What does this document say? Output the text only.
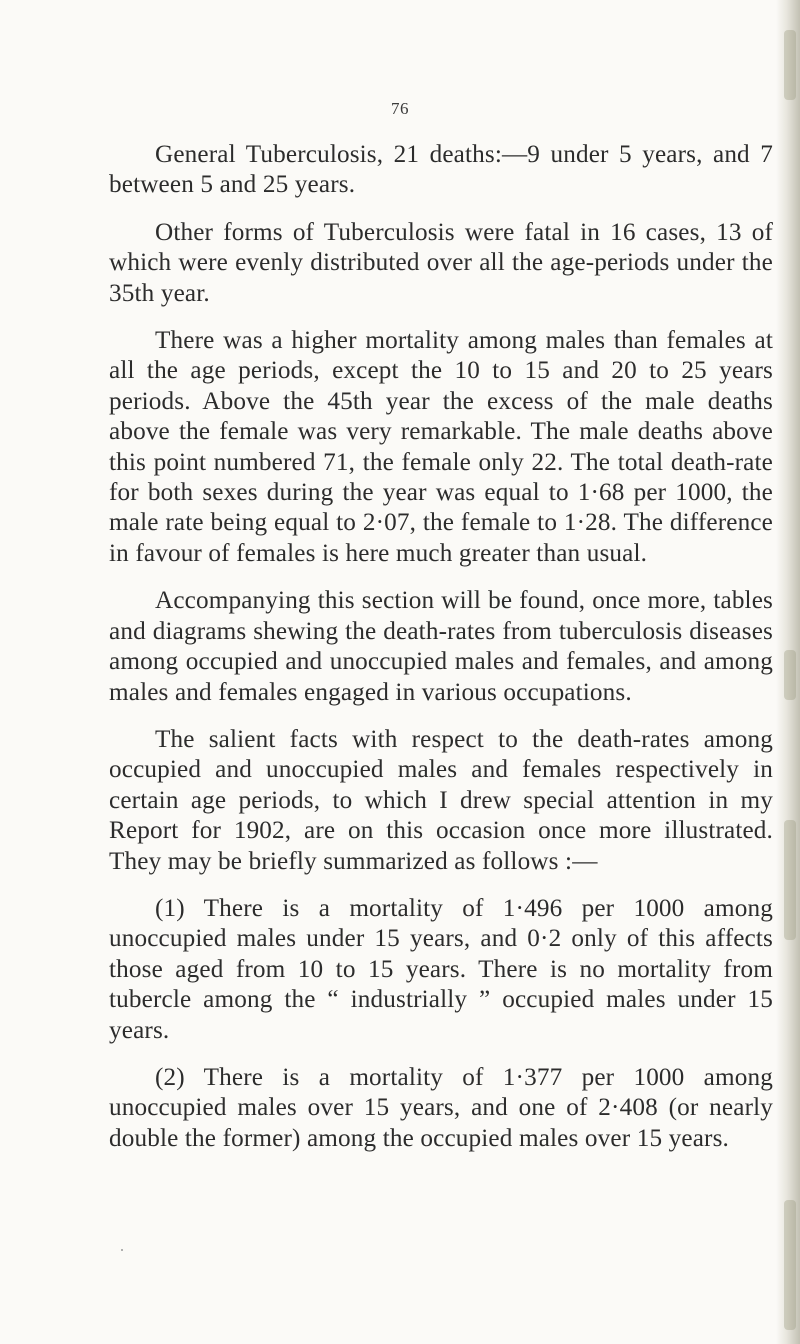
76

General Tuberculosis, 21 deaths:—9 under 5 years, and 7 between 5 and 25 years.

Other forms of Tuberculosis were fatal in 16 cases, 13 of which were evenly distributed over all the age-periods under the 35th year.

There was a higher mortality among males than females at all the age periods, except the 10 to 15 and 20 to 25 years periods. Above the 45th year the excess of the male deaths above the female was very remarkable. The male deaths above this point numbered 71, the female only 22. The total death-rate for both sexes during the year was equal to 1·68 per 1000, the male rate being equal to 2·07, the female to 1·28. The difference in favour of females is here much greater than usual.

Accompanying this section will be found, once more, tables and diagrams shewing the death-rates from tuberculosis diseases among occupied and unoccupied males and females, and among males and females engaged in various occupations.

The salient facts with respect to the death-rates among occupied and unoccupied males and females respectively in certain age periods, to which I drew special attention in my Report for 1902, are on this occasion once more illustrated. They may be briefly summarized as follows :—

(1) There is a mortality of 1·496 per 1000 among unoccupied males under 15 years, and 0·2 only of this affects those aged from 10 to 15 years. There is no mortality from tubercle among the “ industrially ” occupied males under 15 years.

(2) There is a mortality of 1·377 per 1000 among unoccupied males over 15 years, and one of 2·408 (or nearly double the former) among the occupied males over 15 years.
